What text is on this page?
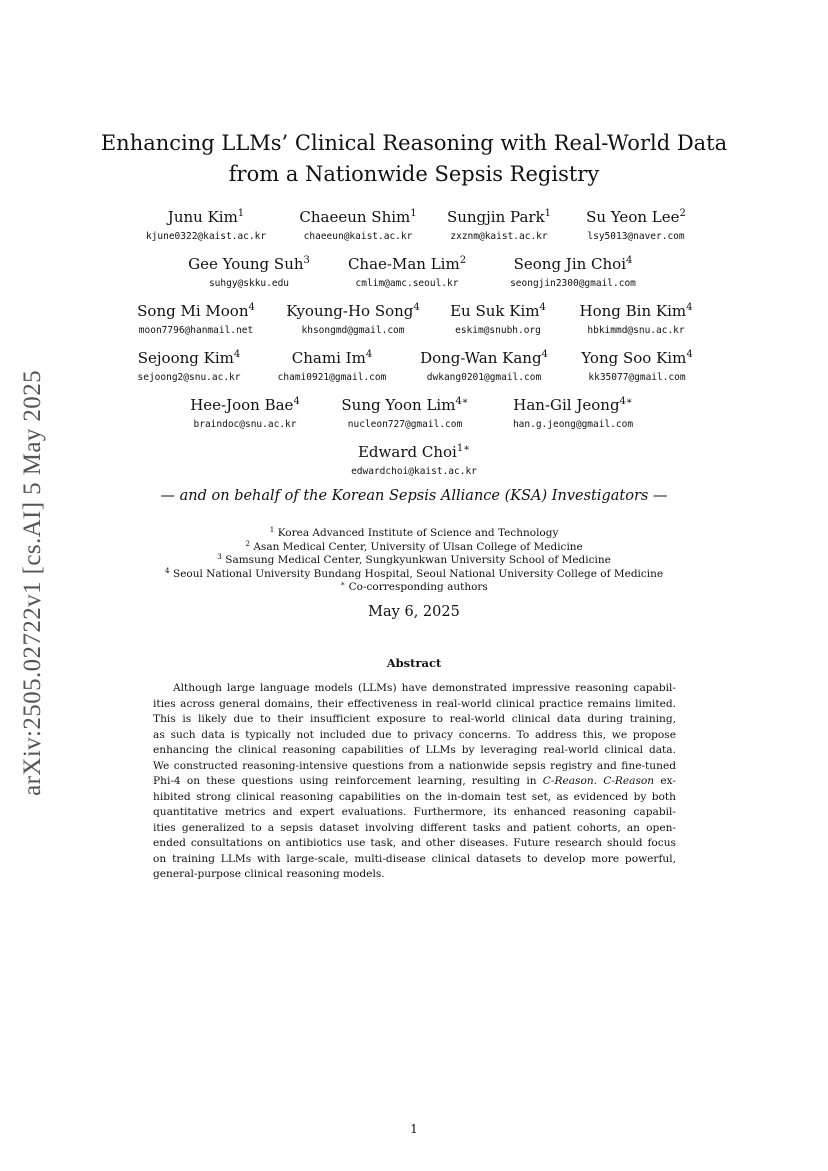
arXiv:2505.02722v1 [cs.AI] 5 May 2025
Enhancing LLMs’ Clinical Reasoning with Real-World Data
from a Nationwide Sepsis Registry
Junu Kim$^1$
kjune0322@kaist.ac.kr
Chaeeun Shim$^1$
chaeeun@kaist.ac.kr
Sungjin Park$^1$
zxznm@kaist.ac.kr
Su Yeon Lee$^2$
lsy5013@naver.com
Gee Young Suh$^3$
suhgy@skku.edu
Chae-Man Lim$^2$
cmlim@amc.seoul.kr
Seong Jin Choi$^4$
seongjin2300@gmail.com
Song Mi Moon$^4$
moon7796@hanmail.net
Kyoung-Ho Song$^4$
khsongmd@gmail.com
Eu Suk Kim$^4$
eskim@snubh.org
Hong Bin Kim$^4$
hbkimmd@snu.ac.kr
Sejoong Kim$^4$
sejoong2@snu.ac.kr
Chami Im$^4$
chami0921@gmail.com
Dong-Wan Kang$^4$
dwkang0201@gmail.com
Yong Soo Kim$^4$
kk35077@gmail.com
Hee-Joon Bae$^4$
braindoc@snu.ac.kr
Sung Yoon Lim$^{4∗}$
nucleon727@gmail.com
Han-Gil Jeong$^{4∗}$
han.g.jeong@gmail.com
Edward Choi$^{1∗}$
edwardchoi@kaist.ac.kr
— and on behalf of the Korean Sepsis Alliance (KSA) Investigators —
$^1$ Korea Advanced Institute of Science and Technology
$^2$ Asan Medical Center, University of Ulsan College of Medicine
$^3$ Samsung Medical Center, Sungkyunkwan University School of Medicine
$^4$ Seoul National University Bundang Hospital, Seoul National University College of Medicine
∗ Co-corresponding authors
May 6, 2025
Abstract
Although large language models (LLMs) have demonstrated impressive reasoning capabil-
ities across general domains, their effectiveness in real-world clinical practice remains limited.
This is likely due to their insufficient exposure to real-world clinical data during training,
as such data is typically not included due to privacy concerns. To address this, we propose
enhancing the clinical reasoning capabilities of LLMs by leveraging real-world clinical data.
We constructed reasoning-intensive questions from a nationwide sepsis registry and fine-tuned
Phi-4 on these questions using reinforcement learning, resulting in C-Reason. C-Reason ex-
hibited strong clinical reasoning capabilities on the in-domain test set, as evidenced by both
quantitative metrics and expert evaluations. Furthermore, its enhanced reasoning capabil-
ities generalized to a sepsis dataset involving different tasks and patient cohorts, an open-
ended consultations on antibiotics use task, and other diseases. Future research should focus
on training LLMs with large-scale, multi-disease clinical datasets to develop more powerful,
general-purpose clinical reasoning models.
1
